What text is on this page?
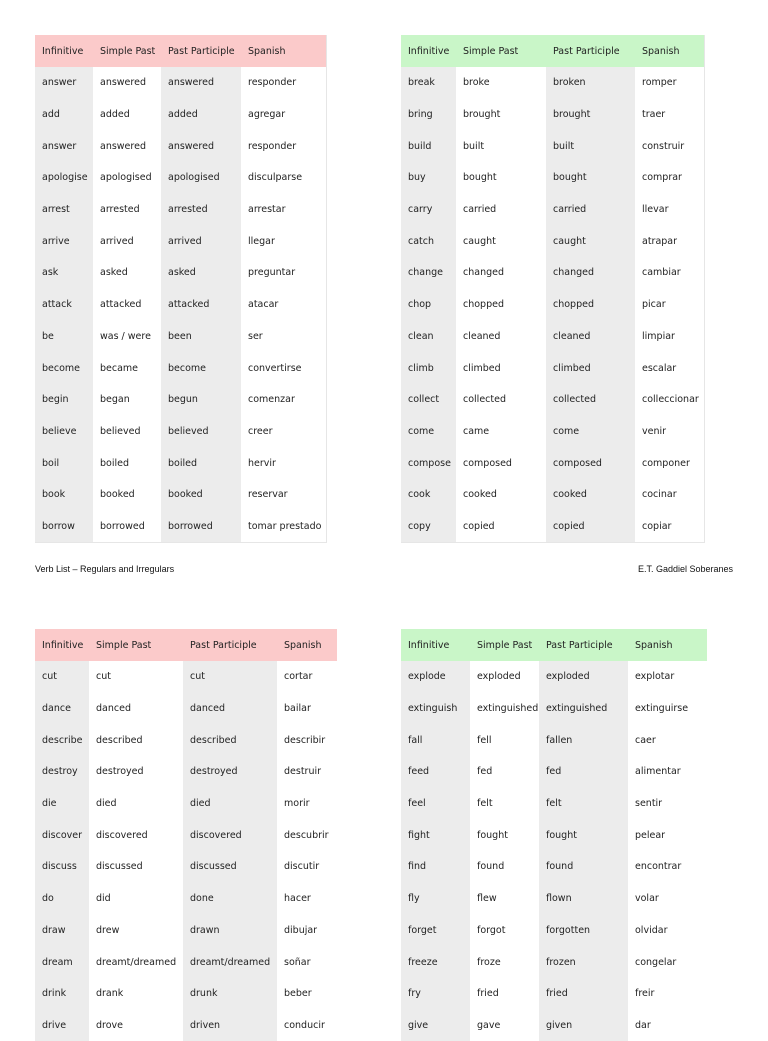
Infinitive	Simple Past	Past Participle	Spanish
answer	answered	answered	responder
add	added	added	agregar
answer	answered	answered	responder
apologise	apologised	apologised	disculparse
arrest	arrested	arrested	arrestar
arrive	arrived	arrived	llegar
ask	asked	asked	preguntar
attack	attacked	attacked	atacar
be	was / were	been	ser
become	became	become	convertirse
begin	began	begun	comenzar
believe	believed	believed	creer
boil	boiled	boiled	hervir
book	booked	booked	reservar
borrow	borrowed	borrowed	tomar prestado
Infinitive	Simple Past	Past Participle	Spanish
break	broke	broken	romper
bring	brought	brought	traer
build	built	built	construir
buy	bought	bought	comprar
carry	carried	carried	llevar
catch	caught	caught	atrapar
change	changed	changed	cambiar
chop	chopped	chopped	picar
clean	cleaned	cleaned	limpiar
climb	climbed	climbed	escalar
collect	collected	collected	colleccionar
come	came	come	venir
compose	composed	composed	componer
cook	cooked	cooked	cocinar
copy	copied	copied	copiar
Verb List – Regulars and Irregulars	E.T. Gaddiel Soberanes
Infinitive	Simple Past	Past Participle	Spanish
cut	cut	cut	cortar
dance	danced	danced	bailar
describe	described	described	describir
destroy	destroyed	destroyed	destruir
die	died	died	morir
discover	discovered	discovered	descubrir
discuss	discussed	discussed	discutir
do	did	done	hacer
draw	drew	drawn	dibujar
dream	dreamt/dreamed	dreamt/dreamed	soñar
drink	drank	drunk	beber
drive	drove	driven	conducir
Infinitive	Simple Past	Past Participle	Spanish
explode	exploded	exploded	explotar
extinguish	extinguished	extinguished	extinguirse
fall	fell	fallen	caer
feed	fed	fed	alimentar
feel	felt	felt	sentir
fight	fought	fought	pelear
find	found	found	encontrar
fly	flew	flown	volar
forget	forgot	forgotten	olvidar
freeze	froze	frozen	congelar
fry	fried	fried	freir
give	gave	given	dar
